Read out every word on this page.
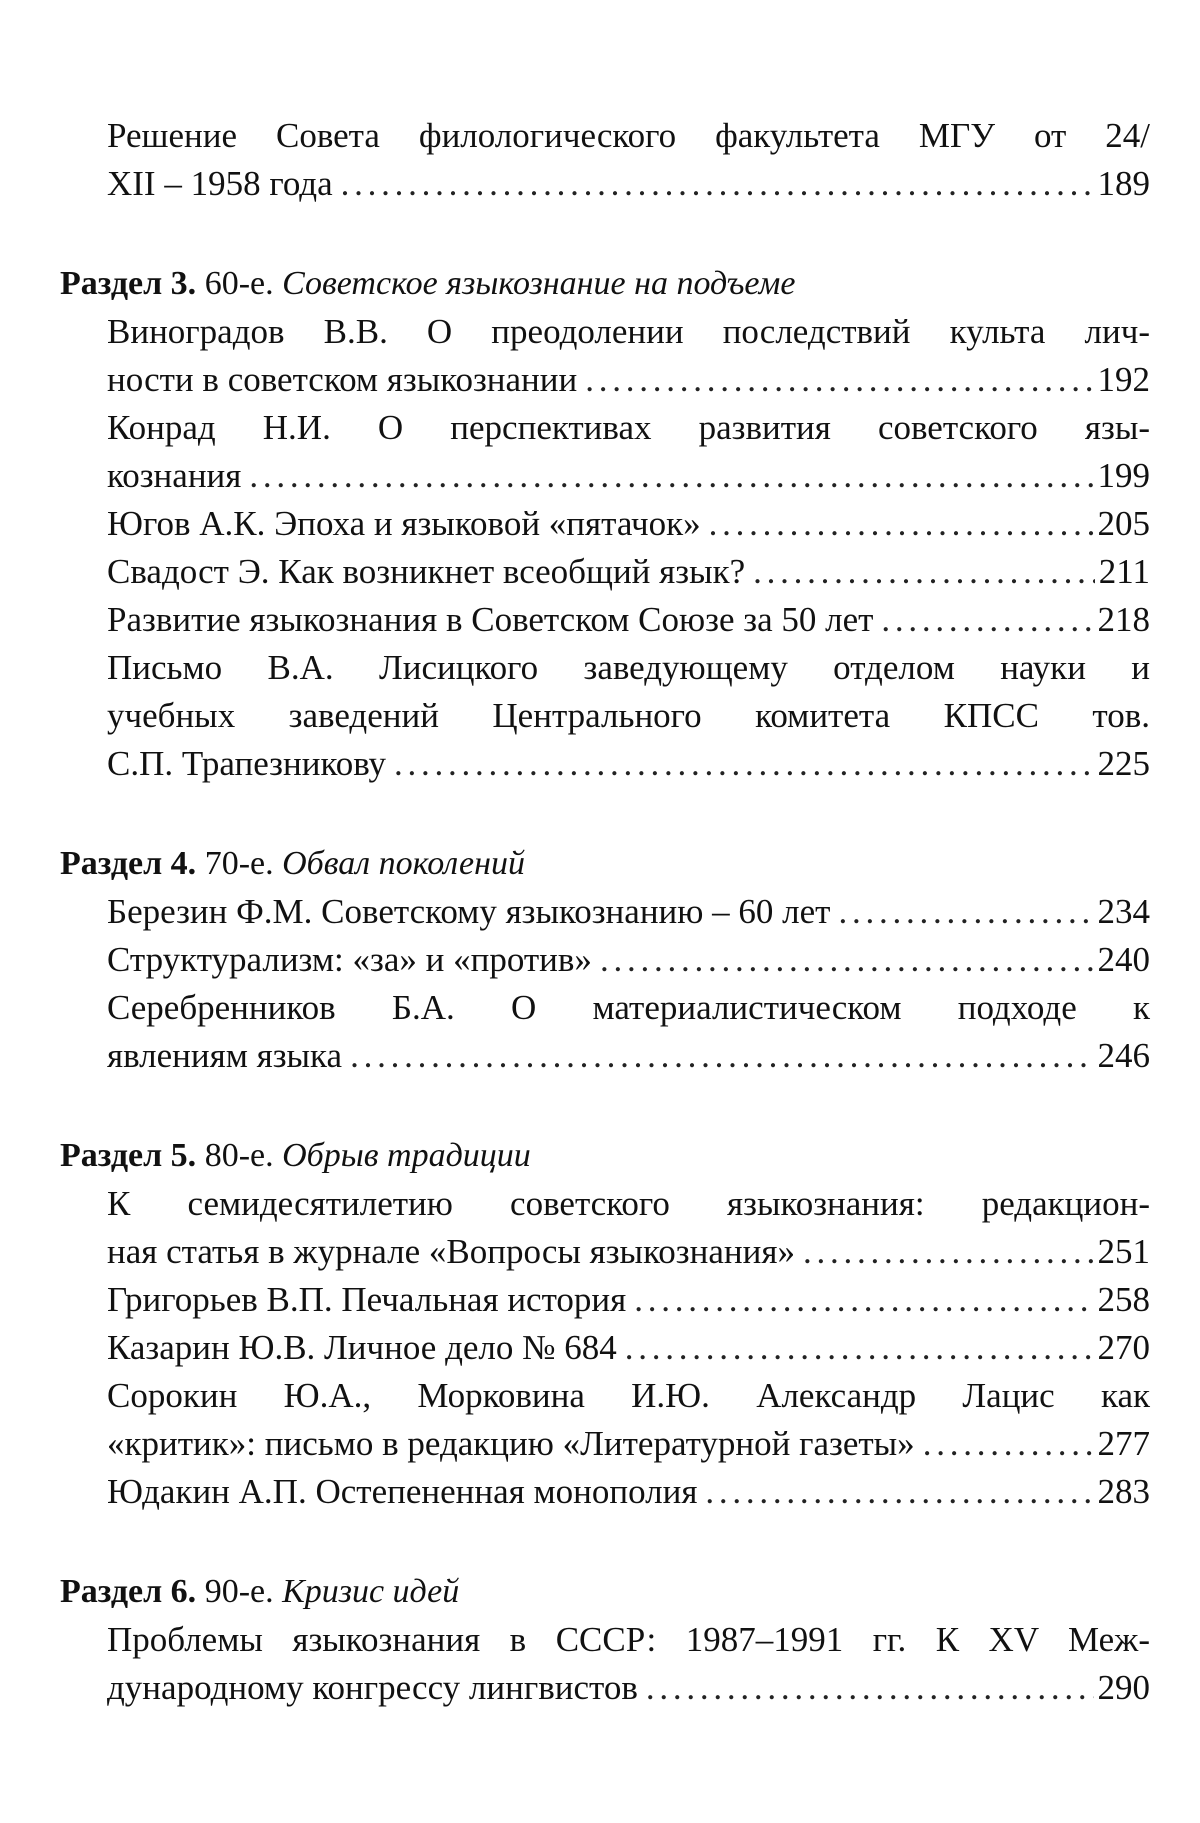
Решение Совета филологического факультета МГУ от 24/
XII – 1958 года . . .	189
Раздел 3. 60-е. Советское языкознание на подъеме
Виноградов В.В. О преодолении последствий культа лич-
ности в советском языкознании . . .	192
Конрад Н.И. О перспективах развития советского язы-
кознания . . .	199
Югов А.К. Эпоха и языковой «пятачок» . . .	205
Свадост Э. Как возникнет всеобщий язык? . . .	211
Развитие языкознания в Советском Союзе за 50 лет . . .	218
Письмо В.А. Лисицкого заведующему отделом науки и
учебных заведений Центрального комитета КПСС тов.
С.П. Трапезникову . . .	225
Раздел 4. 70-е. Обвал поколений
Березин Ф.М. Советскому языкознанию – 60 лет . . .	234
Структурализм: «за» и «против» . . .	240
Серебренников Б.А. О материалистическом подходе к
явлениям языка . . .	246
Раздел 5. 80-е. Обрыв традиции
К семидесятилетию советского языкознания: редакцион-
ная статья в журнале «Вопросы языкознания» . . .	251
Григорьев В.П. Печальная история . . .	258
Казарин Ю.В. Личное дело № 684 . . .	270
Сорокин Ю.А., Морковина И.Ю. Александр Лацис как
«критик»: письмо в редакцию «Литературной газеты» . . .	277
Юдакин А.П. Остепененная монополия . . .	283
Раздел 6. 90-е. Кризис идей
Проблемы языкознания в СССР: 1987–1991 гг. К XV Меж-
дународному конгрессу лингвистов . . .	290
